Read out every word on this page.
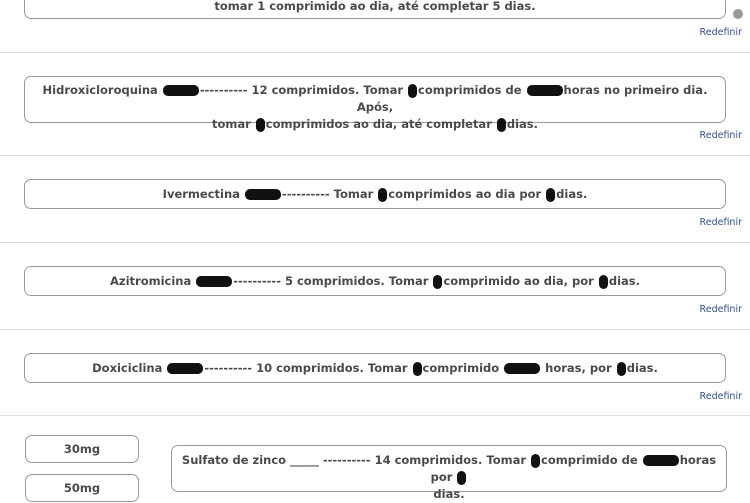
tomar 1 comprimido ao dia, até completar 5 dias.
Redefinir
Hidroxicloroquina	---------- 12 comprimidos. Tomar comprimidos de	horas no primeiro dia. Após,
tomar comprimidos ao dia, até completar dias.
Redefinir
Ivermectina	---------- Tomar comprimidos ao dia por dias.
Redefinir
Azitromicina	---------- 5 comprimidos. Tomar comprimido ao dia, por dias.
Redefinir
Doxiciclina	---------- 10 comprimidos. Tomar comprimido	horas, por dias.
Redefinir
30mg
50mg
Sulfato de zinco _____ ---------- 14 comprimidos. Tomar comprimido de	horas por
dias.
